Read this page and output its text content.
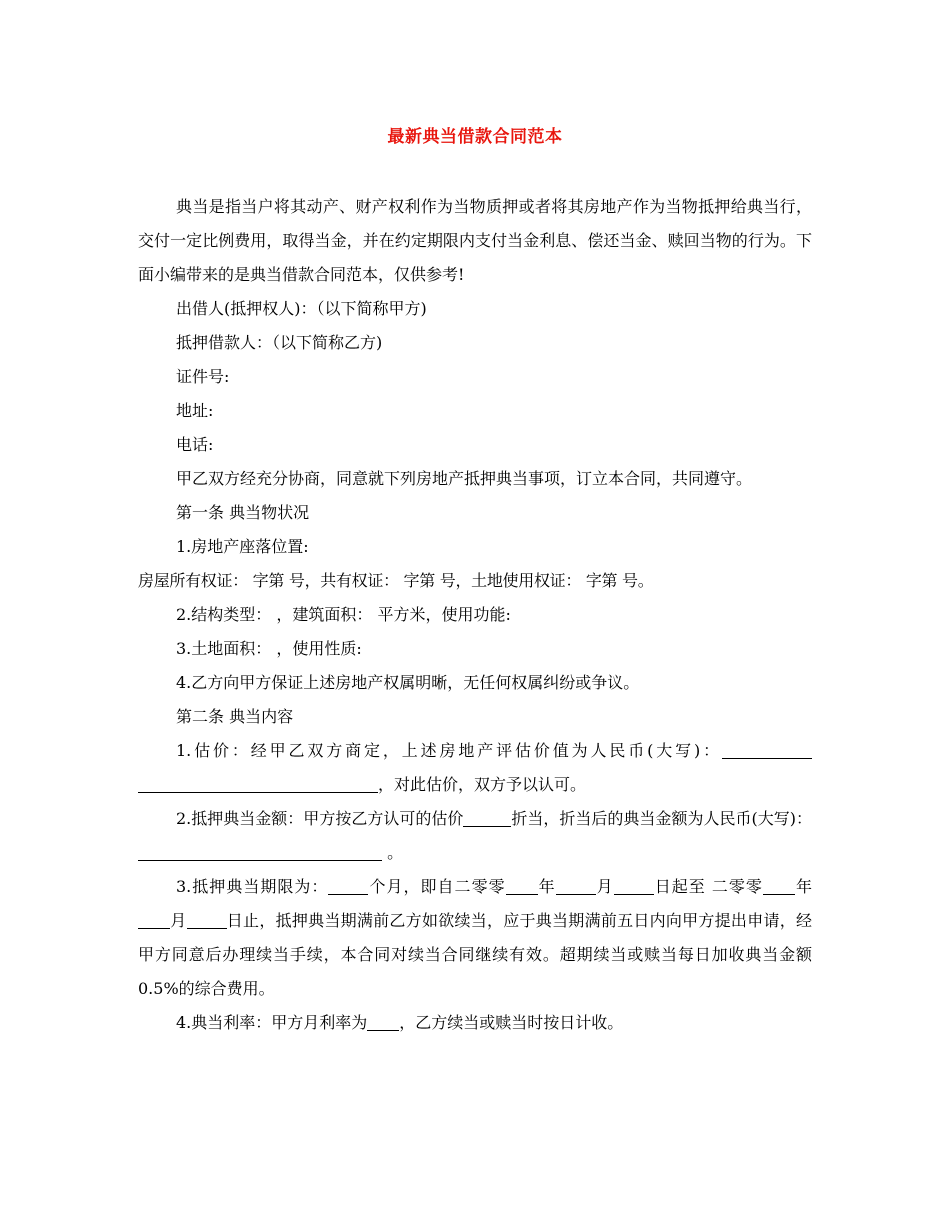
最新典当借款合同范本

典当是指当户将其动产、财产权利作为当物质押或者将其房地产作为当物抵押给典当行，交付一定比例费用，取得当金，并在约定期限内支付当金利息、偿还当金、赎回当物的行为。下面小编带来的是典当借款合同范本，仅供参考!

出借人(抵押权人)：（以下简称甲方)

抵押借款人：（以下简称乙方)

证件号:

地址:

电话:

甲乙双方经充分协商，同意就下列房地产抵押典当事项，订立本合同，共同遵守。

第一条 典当物状况

1.房地产座落位置:

房屋所有权证： 字第 号，共有权证： 字第 号，土地使用权证： 字第 号。

2.结构类型： ，建筑面积： 平方米，使用功能:

3.土地面积： ，使用性质:

4.乙方向甲方保证上述房地产权属明晰，无任何权属纠纷或争议。

第二条 典当内容

1.估价：经甲乙双方商定，上述房地产评估价值为人民币(大写)：，对此估价，双方予以认可。

2.抵押典当金额：甲方按乙方认可的估价	折当，折当后的典当金额为人民币(大写)： 。

3.抵押典当期限为：	个月，即自二零零 年	月	日起至 二零零 年月	日止，抵押典当期满前乙方如欲续当，应于典当期满前五日内向甲方提出申请，经甲方同意后办理续当手续，本合同对续当合同继续有效。超期续当或赎当每日加收典当金额0.5%的综合费用。

4.典当利率：甲方月利率为 ，乙方续当或赎当时按日计收。
